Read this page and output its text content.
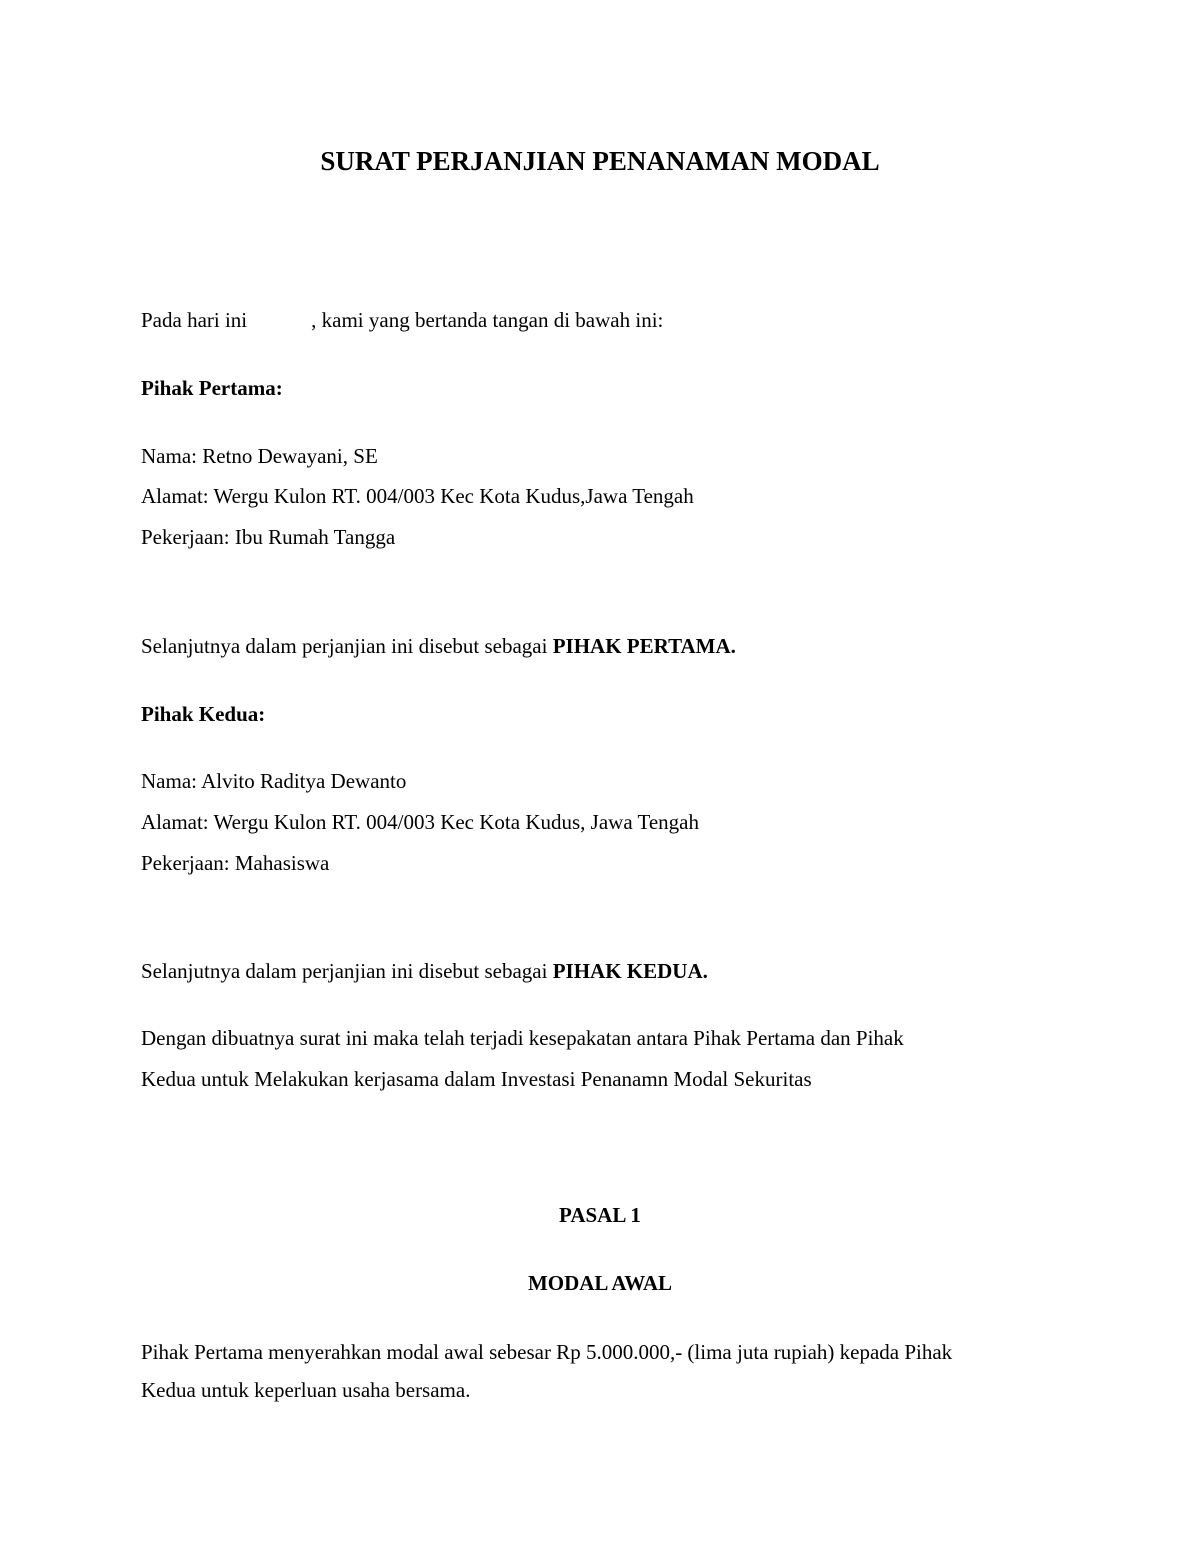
SURAT PERJANJIAN PENANAMAN MODAL
Pada hari ini	, kami yang bertanda tangan di bawah ini:
Pihak Pertama:
Nama: Retno Dewayani, SE
Alamat: Wergu Kulon RT. 004/003 Kec Kota Kudus,Jawa Tengah
Pekerjaan: Ibu Rumah Tangga
Selanjutnya dalam perjanjian ini disebut sebagai PIHAK PERTAMA.
Pihak Kedua:
Nama: Alvito Raditya Dewanto
Alamat: Wergu Kulon RT. 004/003 Kec Kota Kudus, Jawa Tengah
Pekerjaan: Mahasiswa
Selanjutnya dalam perjanjian ini disebut sebagai PIHAK KEDUA.
Dengan dibuatnya surat ini maka telah terjadi kesepakatan antara Pihak Pertama dan Pihak
Kedua untuk Melakukan kerjasama dalam Investasi Penanamn Modal Sekuritas
PASAL 1
MODAL AWAL
Pihak Pertama menyerahkan modal awal sebesar Rp 5.000.000,- (lima juta rupiah) kepada Pihak
Kedua untuk keperluan usaha bersama.
